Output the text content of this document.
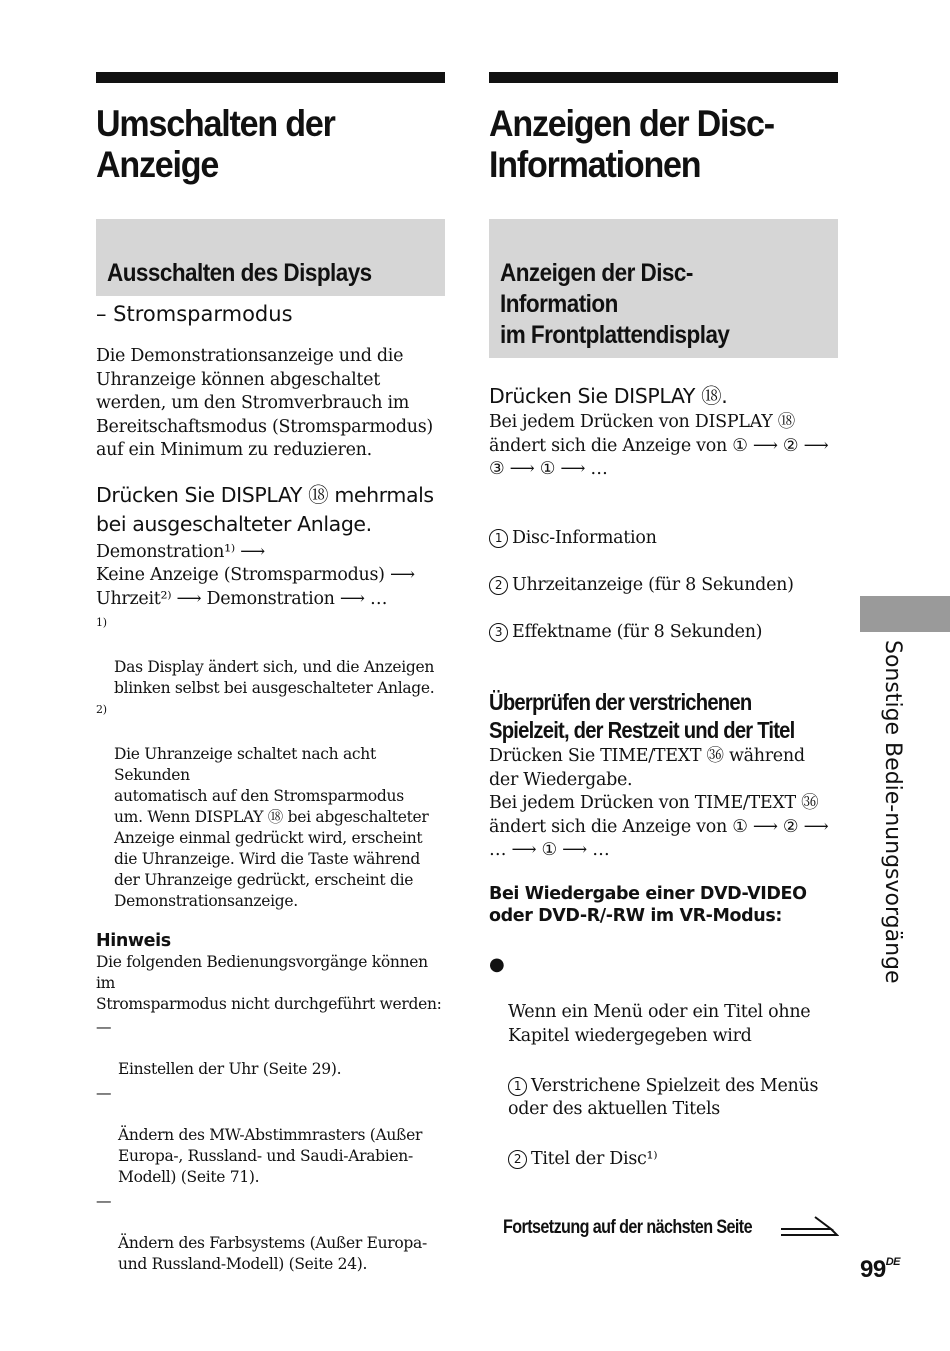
Umschalten der
Anzeige

Ausschalten des Displays

– Stromsparmodus

Die Demonstrationsanzeige und die
Uhranzeige können abgeschaltet
werden, um den Stromverbrauch im
Bereitschaftsmodus (Stromsparmodus)
auf ein Minimum zu reduzieren.

Drücken Sie DISPLAY ⑱ mehrmals
bei ausgeschalteter Anlage.

Demonstration¹⁾ ⟶
Keine Anzeige (Stromsparmodus) ⟶
Uhrzeit²⁾ ⟶ Demonstration ⟶ …

1)

Das Display ändert sich, und die Anzeigen
blinken selbst bei ausgeschalteter Anlage.

2)

Die Uhranzeige schaltet nach acht Sekunden
automatisch auf den Stromsparmodus
um. Wenn DISPLAY ⑱ bei abgeschalteter
Anzeige einmal gedrückt wird, erscheint
die Uhranzeige. Wird die Taste während
der Uhranzeige gedrückt, erscheint die
Demonstrationsanzeige.

Hinweis

Die folgenden Bedienungsvorgänge können im
Stromsparmodus nicht durchgeführt werden:

—

Einstellen der Uhr (Seite 29).

—

Ändern des MW-Abstimmrasters (Außer
Europa-, Russland- und Saudi-Arabien-
Modell) (Seite 71).

—

Ändern des Farbsystems (Außer Europa-
und Russland-Modell) (Seite 24).

Anzeigen der Disc-
Informationen

Anzeigen der Disc-Information
im Frontplattendisplay

Drücken Sie DISPLAY ⑱.

Bei jedem Drücken von DISPLAY ⑱
ändert sich die Anzeige von ① ⟶ ② ⟶
③ ⟶ ① ⟶ …

1 Disc-Information

2 Uhrzeitanzeige (für 8 Sekunden)

3 Effektname (für 8 Sekunden)

Überprüfen der verstrichenen
Spielzeit, der Restzeit und der Titel

Drücken Sie TIME/TEXT ㊱ während
der Wiedergabe.
Bei jedem Drücken von TIME/TEXT ㊱
ändert sich die Anzeige von ① ⟶ ② ⟶
… ⟶ ① ⟶ …

Bei Wiedergabe einer DVD-VIDEO
oder DVD-R/-RW im VR-Modus:

●

Wenn ein Menü oder ein Titel ohne
Kapitel wiedergegeben wird

1 Verstrichene Spielzeit des Menüs
oder des aktuellen Titels

2 Titel der Disc¹⁾

Sonstige Bedie-nungsvorgänge
Fortsetzung auf der nächsten Seite
99DE
